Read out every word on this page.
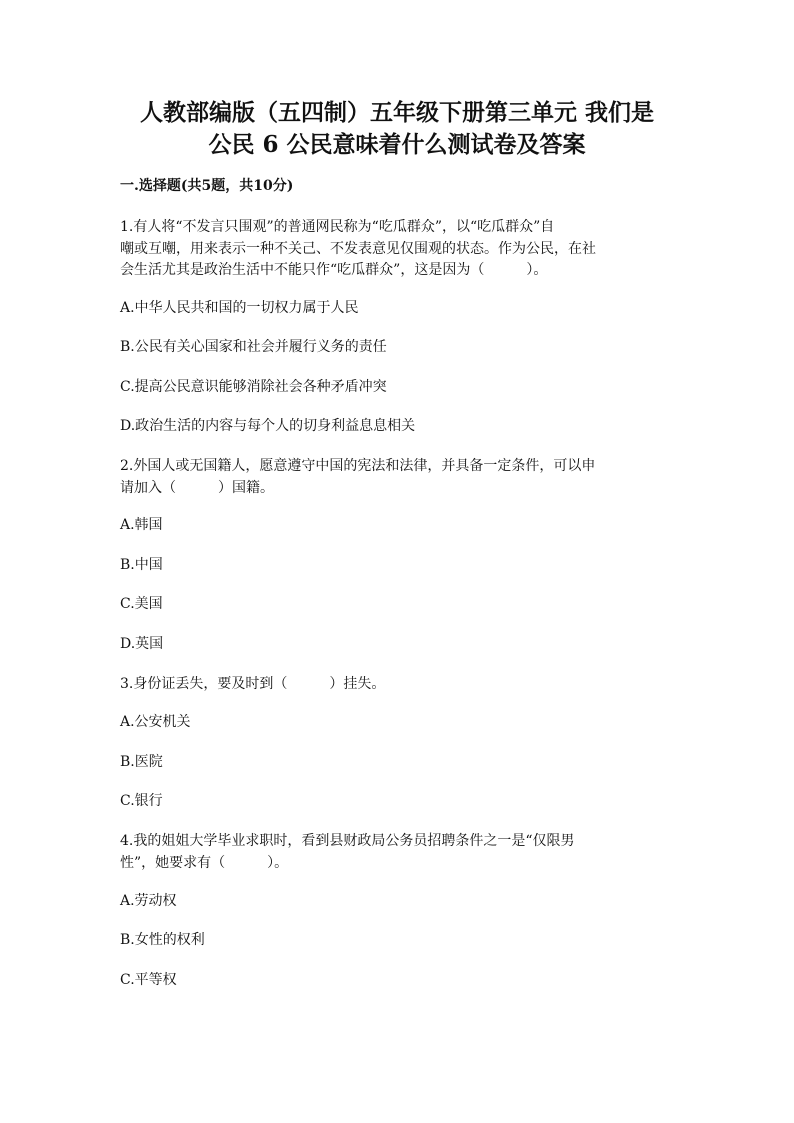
人教部编版（五四制）五年级下册第三单元 我们是
公民 6 公民意味着什么测试卷及答案
一.选择题(共5题，共10分)

1.有人将“不发言只围观”的普通网民称为“吃瓜群众”，以“吃瓜群众”自

嘲或互嘲，用来表示一种不关己、不发表意见仅围观的状态。作为公民，在社

会生活尤其是政治生活中不能只作“吃瓜群众”，这是因为（　　　）。

A.中华人民共和国的一切权力属于人民

B.公民有关心国家和社会并履行义务的责任

C.提高公民意识能够消除社会各种矛盾冲突

D.政治生活的内容与每个人的切身利益息息相关

2.外国人或无国籍人，愿意遵守中国的宪法和法律，并具备一定条件，可以申

请加入（　　　）国籍。

A.韩国

B.中国

C.美国

D.英国

3.身份证丢失，要及时到（　　　）挂失。

A.公安机关

B.医院

C.银行

4.我的姐姐大学毕业求职时，看到县财政局公务员招聘条件之一是“仅限男

性”，她要求有（　　　）。

A.劳动权

B.女性的权利

C.平等权
